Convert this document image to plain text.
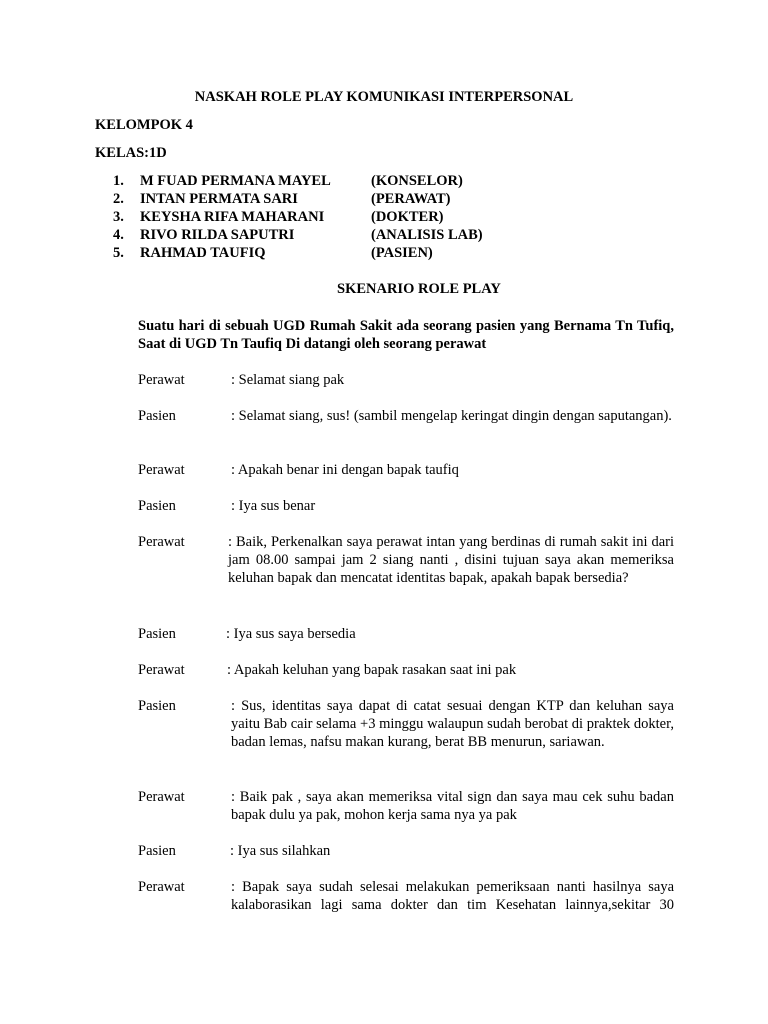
NASKAH ROLE PLAY KOMUNIKASI INTERPERSONAL
KELOMPOK 4
KELAS:1D
1. M FUAD PERMANA MAYEL	(KONSELOR)
2. INTAN PERMATA SARI	(PERAWAT)
3. KEYSHA RIFA MAHARANI	(DOKTER)
4. RIVO RILDA SAPUTRI	(ANALISIS LAB)
5. RAHMAD TAUFIQ	(PASIEN)
SKENARIO ROLE PLAY
Suatu hari di sebuah UGD Rumah Sakit ada seorang pasien yang Bernama Tn Tufiq, Saat di UGD Tn Taufiq Di datangi oleh seorang perawat
Perawat	: Selamat siang pak
Pasien	: Selamat siang, sus! (sambil mengelap keringat dingin dengan saputangan).
Perawat	: Apakah benar ini dengan bapak taufiq
Pasien	: Iya sus benar
Perawat	: Baik, Perkenalkan saya perawat intan yang berdinas di rumah sakit ini dari jam 08.00 sampai jam 2 siang nanti , disini tujuan saya akan memeriksa keluhan bapak dan mencatat identitas bapak, apakah bapak bersedia?
Pasien	: Iya sus saya bersedia
Perawat	: Apakah keluhan yang bapak rasakan saat ini pak
Pasien	: Sus, identitas saya dapat di catat sesuai dengan KTP dan keluhan saya yaitu Bab cair selama +3 minggu walaupun sudah berobat di praktek dokter, badan lemas, nafsu makan kurang, berat BB menurun, sariawan.
Perawat	: Baik pak , saya akan memeriksa vital sign dan saya mau cek suhu badan bapak dulu ya pak, mohon kerja sama nya ya pak
Pasien	: Iya sus silahkan
Perawat	: Bapak saya sudah selesai melakukan pemeriksaan nanti hasilnya saya kalaborasikan lagi sama dokter dan tim Kesehatan lainnya,sekitar 30
